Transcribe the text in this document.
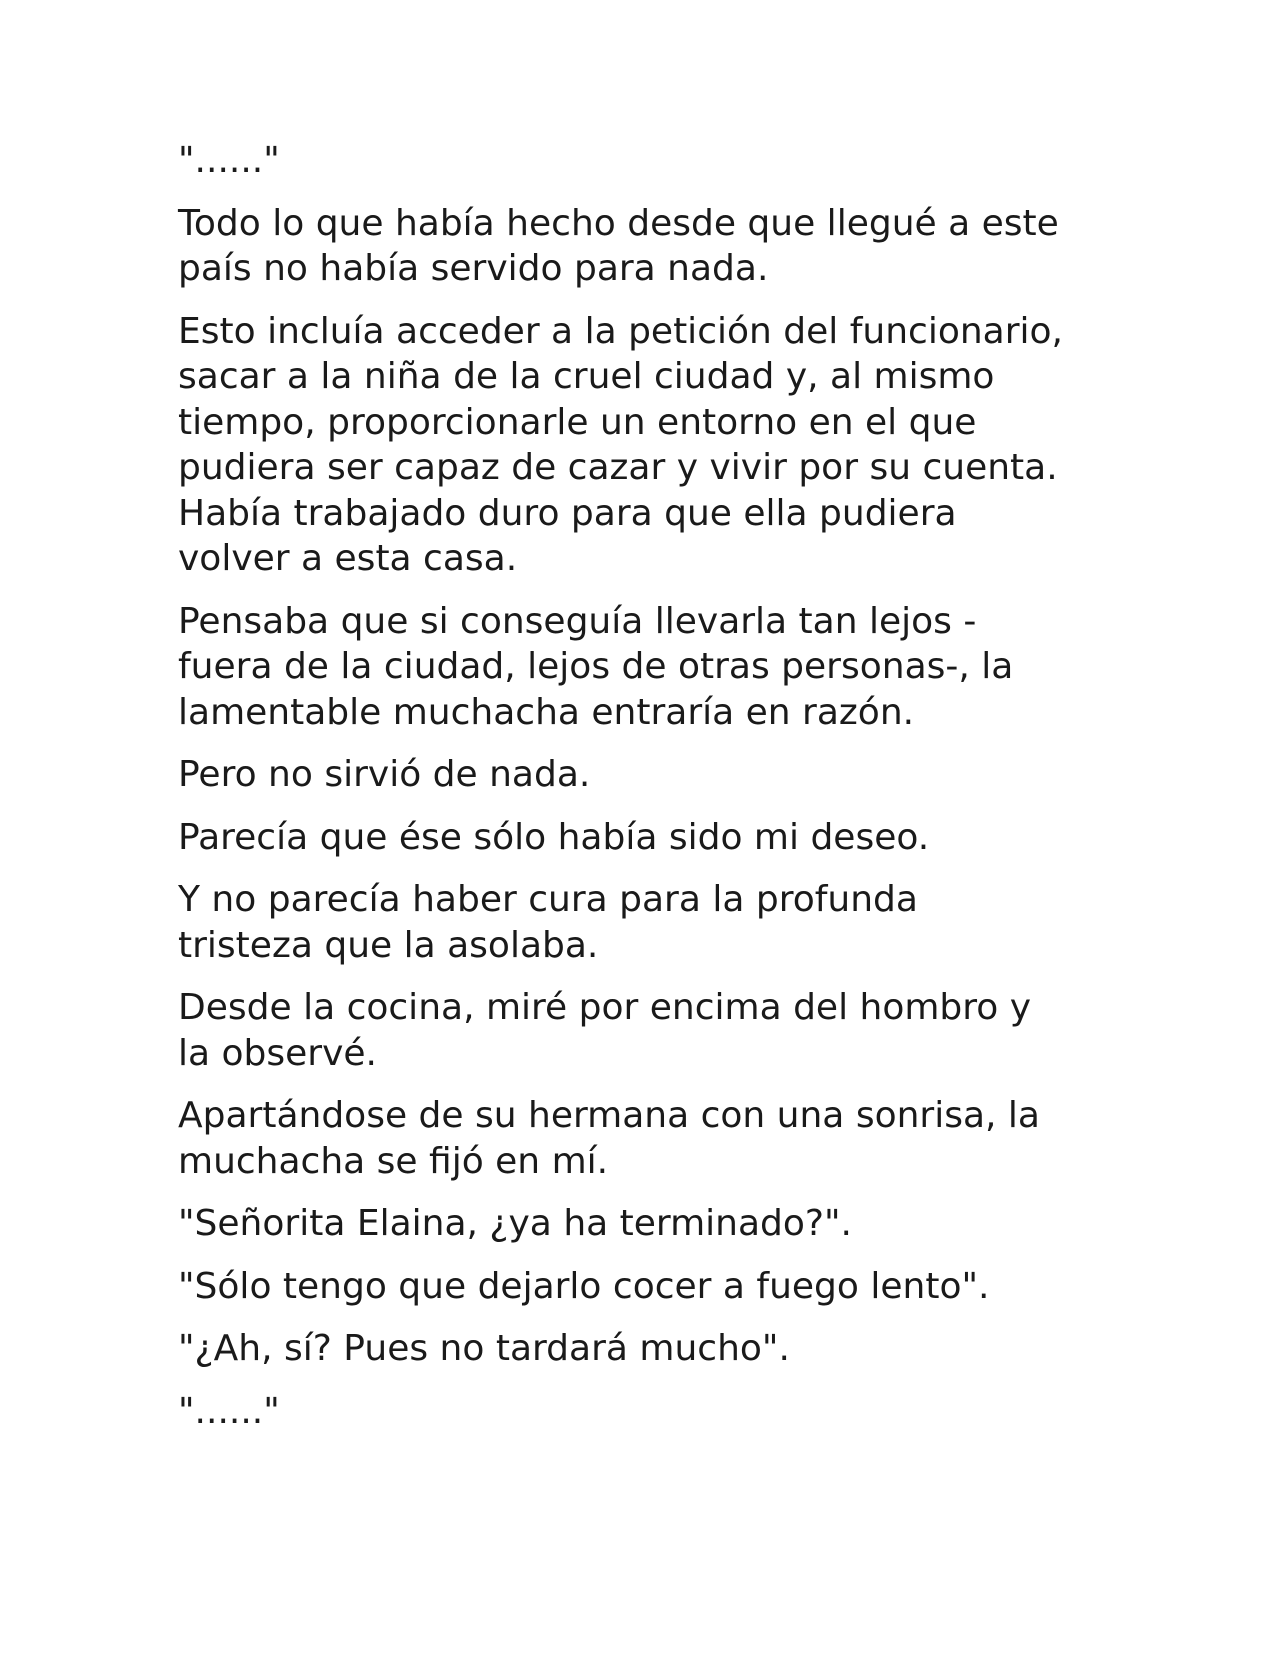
"......"

Todo lo que había hecho desde que llegué a este
país no había servido para nada.

Esto incluía acceder a la petición del funcionario,
sacar a la niña de la cruel ciudad y, al mismo
tiempo, proporcionarle un entorno en el que
pudiera ser capaz de cazar y vivir por su cuenta.
Había trabajado duro para que ella pudiera
volver a esta casa.

Pensaba que si conseguía llevarla tan lejos -
fuera de la ciudad, lejos de otras personas-, la
lamentable muchacha entraría en razón.

Pero no sirvió de nada.

Parecía que ése sólo había sido mi deseo.

Y no parecía haber cura para la profunda
tristeza que la asolaba.

Desde la cocina, miré por encima del hombro y
la observé.

Apartándose de su hermana con una sonrisa, la
muchacha se fijó en mí.

"Señorita Elaina, ¿ya ha terminado?".

"Sólo tengo que dejarlo cocer a fuego lento".

"¿Ah, sí? Pues no tardará mucho".

"......"
